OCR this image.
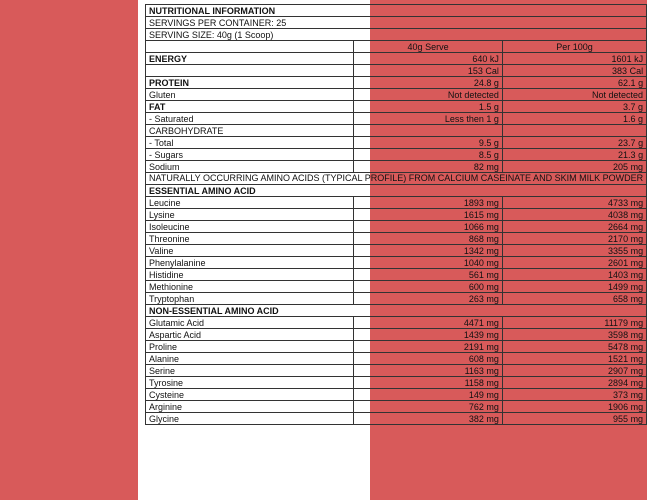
NUTRITIONAL INFORMATION		
SERVINGS PER CONTAINER: 25		
SERVING SIZE: 40g (1 Scoop)		
	40g Serve	Per 100g
ENERGY	640 kJ	1601 kJ
	153 Cal	383 Cal
PROTEIN	24.8 g	62.1 g
Gluten	Not detected	Not detected
FAT	1.5 g	3.7 g
- Saturated	Less then 1 g	1.6 g
CARBOHYDRATE		
- Total	9.5 g	23.7 g
- Sugars	8.5 g	21.3 g
Sodium	82 mg	205 mg
NATURALLY OCCURRING AMINO ACIDS (TYPICAL PROFILE) FROM CALCIUM CASEINATE AND SKIM MILK POWDER		
ESSENTIAL AMINO ACID		
Leucine	1893 mg	4733 mg
Lysine	1615 mg	4038 mg
Isoleucine	1066 mg	2664 mg
Threonine	868 mg	2170 mg
Valine	1342 mg	3355 mg
Phenylalanine	1040 mg	2601 mg
Histidine	561 mg	1403 mg
Methionine	600 mg	1499 mg
Tryptophan	263 mg	658 mg
NON-ESSENTIAL AMINO ACID		
Glutamic Acid	4471 mg	11179 mg
Aspartic Acid	1439 mg	3598 mg
Proline	2191 mg	5478 mg
Alanine	608 mg	1521 mg
Serine	1163 mg	2907 mg
Tyrosine	1158 mg	2894 mg
Cysteine	149 mg	373 mg
Arginine	762 mg	1906 mg
Glycine	382 mg	955 mg
